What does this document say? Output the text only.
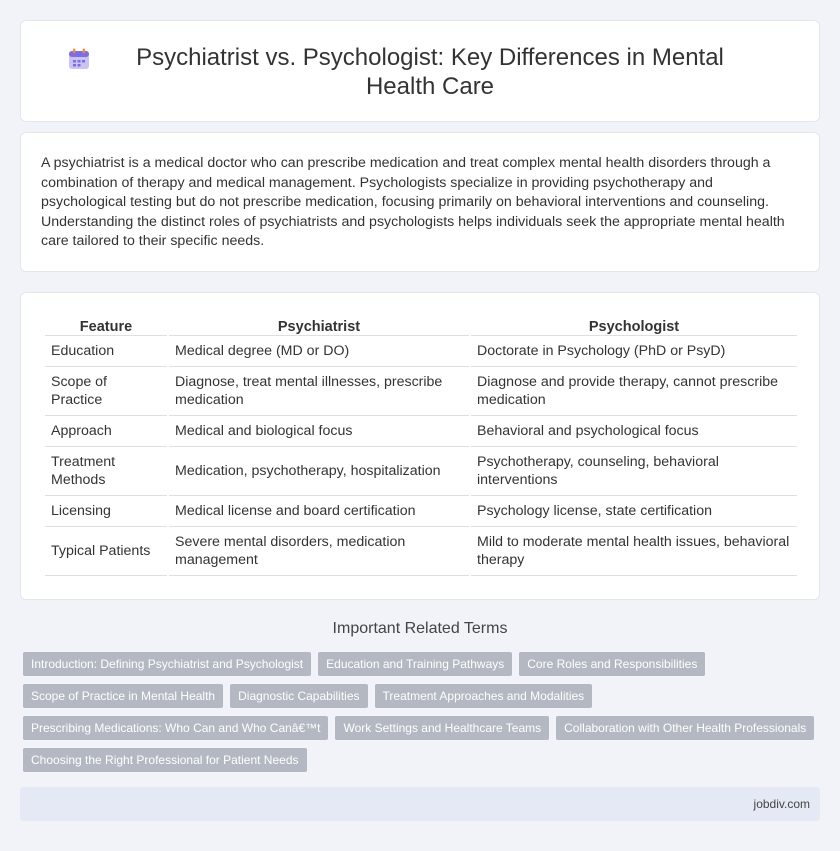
Psychiatrist vs. Psychologist: Key Differences in Mental Health Care

A psychiatrist is a medical doctor who can prescribe medication and treat complex mental health disorders through a combination of therapy and medical management. Psychologists specialize in providing psychotherapy and psychological testing but do not prescribe medication, focusing primarily on behavioral interventions and counseling. Understanding the distinct roles of psychiatrists and psychologists helps individuals seek the appropriate mental health care tailored to their specific needs.

Feature	Psychiatrist	Psychologist
Education	Medical degree (MD or DO)	Doctorate in Psychology (PhD or PsyD)
Scope of Practice	Diagnose, treat mental illnesses, prescribe medication	Diagnose and provide therapy, cannot prescribe medication
Approach	Medical and biological focus	Behavioral and psychological focus
Treatment Methods	Medication, psychotherapy, hospitalization	Psychotherapy, counseling, behavioral interventions
Licensing	Medical license and board certification	Psychology license, state certification
Typical Patients	Severe mental disorders, medication management	Mild to moderate mental health issues, behavioral therapy
Important Related Terms
Introduction: Defining Psychiatrist and Psychologist	Education and Training Pathways	Core Roles and Responsibilities
Scope of Practice in Mental Health	Diagnostic Capabilities	Treatment Approaches and Modalities
Prescribing Medications: Who Can and Who Canâ€™t	Work Settings and Healthcare Teams	Collaboration with Other Health Professionals
Choosing the Right Professional for Patient Needs
jobdiv.com
